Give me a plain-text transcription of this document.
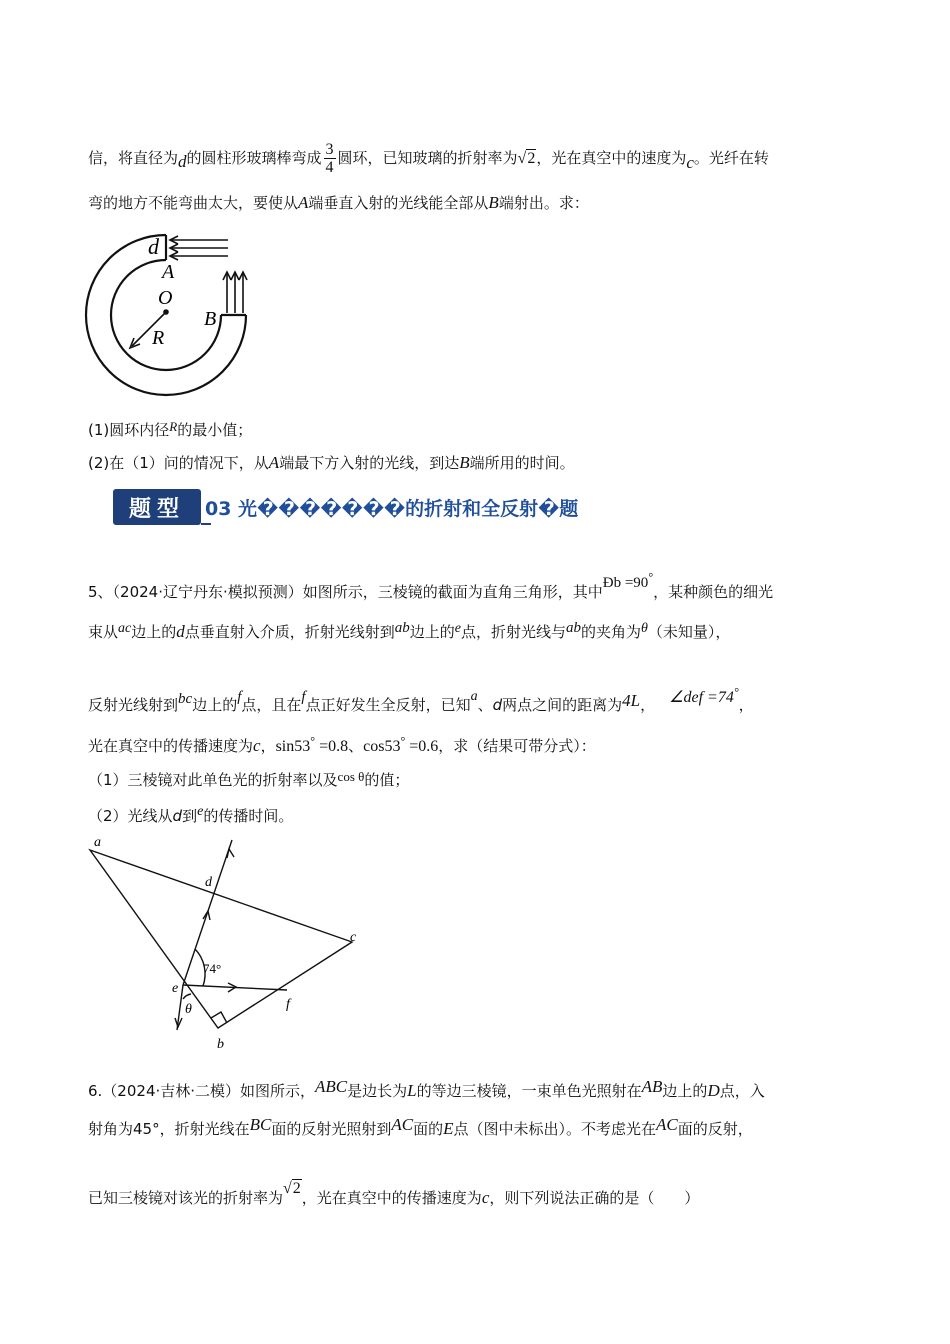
信，将直径为d的圆柱形玻璃棒弯成 $\frac{3}{4}$ 圆环，已知玻璃的折射率为√2，光在真空中的速度为c。光纤在转
弯的地方不能弯曲太大，要使从A端垂直入射的光线能全部从B端射出。求：
d
A
O
B
R
(1)圆环内径R的最小值；
(2)在（1）问的情况下，从A端最下方入射的光线，到达B端所用的时间。
题型	03 光�������的折射和全反射�题
5、（2024·辽宁丹东·模拟预测）如图所示，三棱镜的截面为直角三角形，其中Ðb =90°，某种颜色的细光
束从ac边上的d点垂直射入介质，折射光线射到ab边上的e点，折射光线与ab的夹角为θ（未知量），
反射光线射到bc边上的f点，且在f点正好发生全反射，已知a、d两点之间的距离为4L， ∠def =74°，
光在真空中的传播速度为c，sin53° =0.8、cos53° =0.6，求（结果可带分式）：
（1）三棱镜对此单色光的折射率以及cos θ的值；
（2）光线从d到e的传播时间。
a
d
c
e
f
b
74°
θ
6.（2024·吉林·二模）如图所示，ABC是边长为L的等边三棱镜，一束单色光照射在AB边上的D点，入
射角为45°，折射光线在BC面的反射光照射到AC面的E点（图中未标出）。不考虑光在AC面的反射，
已知三棱镜对该光的折射率为√2，光在真空中的传播速度为c，则下列说法正确的是（　　）
